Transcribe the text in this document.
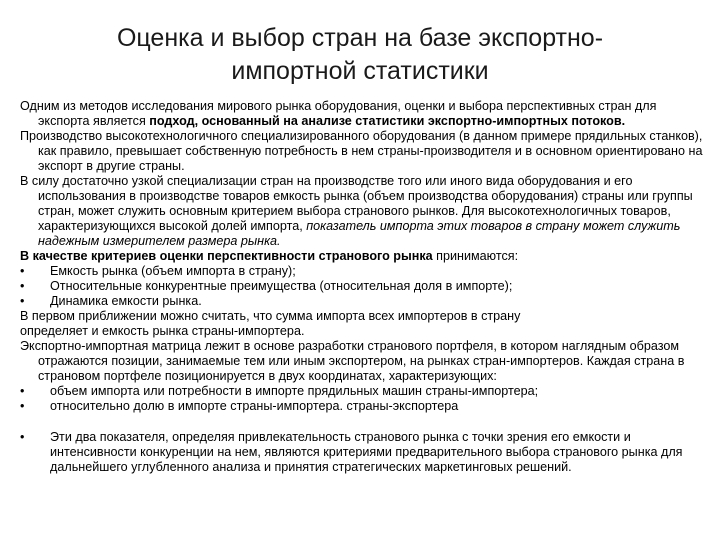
Оценка и выбор стран на базе экспортно-
импортной статистики

Одним из методов исследования мирового рынка оборудования, оценки и выбора перспективных стран для экспорта является подход, основанный на анализе статистики экспортно-импортных потоков.

Производство высокотехнологичного специализированного оборудования (в данном примере прядильных станков), как правило, превышает собственную потребность в нем страны-производителя и в основном ориентировано на экспорт в другие страны.

В силу достаточно узкой специализации стран на производстве того или иного вида оборудования и его использования в производстве товаров емкость рынка (объем производства оборудования) страны или группы стран, может служить основным критерием выбора странового рынков. Для высокотехнологичных товаров, характеризующихся высокой долей импорта, показатель импорта этих товаров в страну может служить надежным измерителем размера рынка.

В качестве критериев оценки перспективности странового рынка принимаются:

•	Емкость рынка (объем импорта в страну);
•	Относительные конкурентные преимущества (относительная доля в импорте);
•	Динамика емкости рынка.

В первом приближении можно считать, что сумма импорта всех импортеров в страну

определяет и емкость рынка страны-импортера.

Экспортно-импортная матрица лежит в основе разработки странового портфеля, в котором наглядным образом отражаются позиции, занимаемые тем или иным экспортером, на рынках стран-импортеров. Каждая страна в страновом портфеле позиционируется в двух координатах, характеризующих:

•	объем импорта или потребности в импорте прядильных машин страны-импортера;
•	относительно долю в импорте страны-импортера. страны-экспортера
•	Эти два показателя, определяя привлекательность странового рынка с точки зрения его емкости и интенсивности конкуренции на нем, являются критериями предварительного выбора странового рынка для дальнейшего углубленного анализа и принятия стратегических маркетинговых решений.
